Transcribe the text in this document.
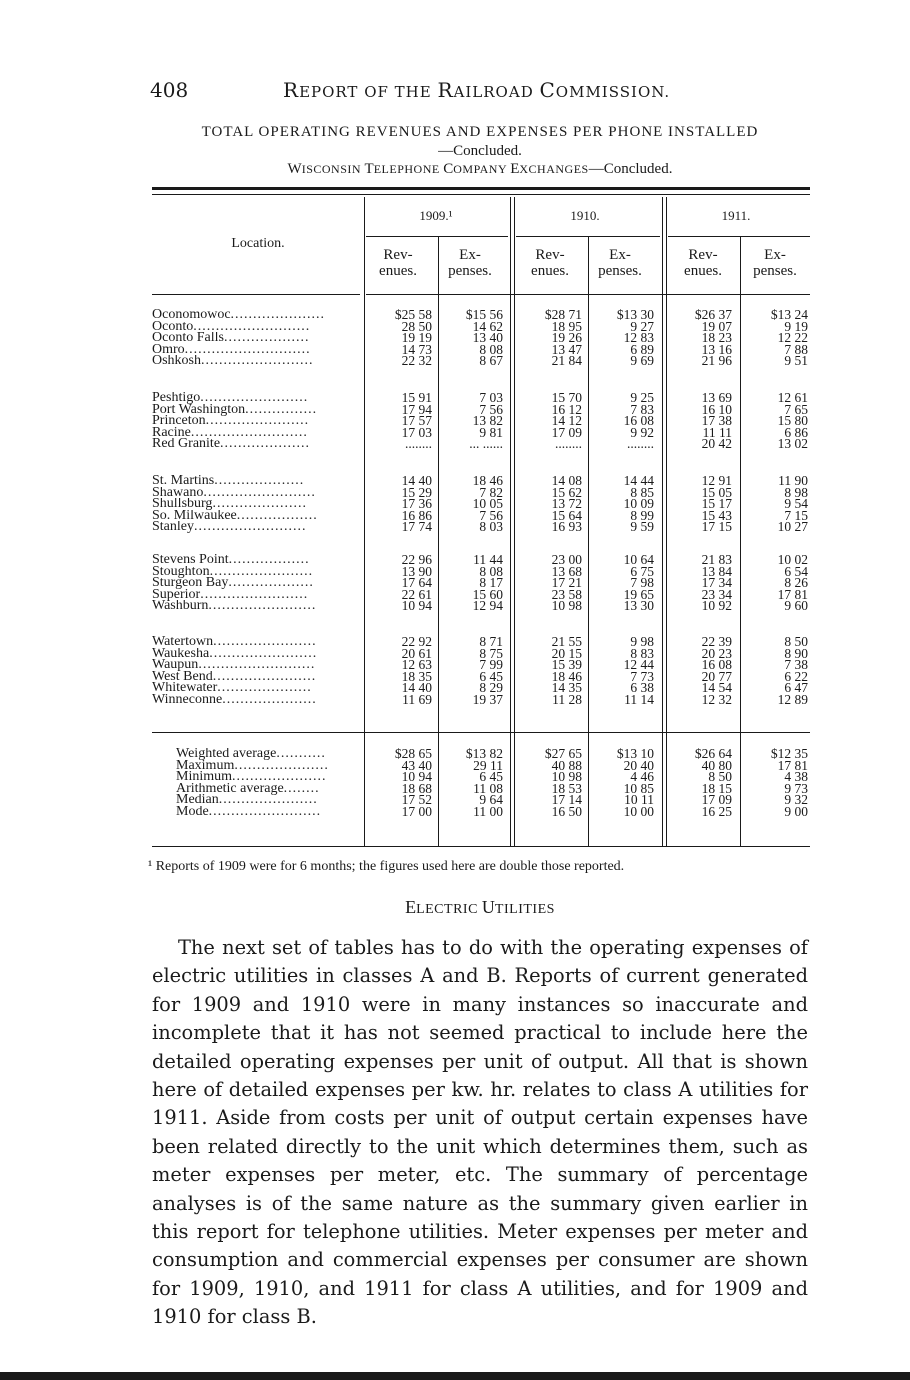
408	REPORT OF THE RAILROAD COMMISSION.
TOTAL OPERATING REVENUES AND EXPENSES PER PHONE INSTALLED
—Concluded.
WISCONSIN TELEPHONE COMPANY EXCHANGES—Concluded.
Location.
1909.¹	1910.	1911.
Rev-
enues.
Ex-
penses.
Rev-
enues.
Ex-
penses.
Rev-
enues.
Ex-
penses.
Oconomowoc.....................	$25 58	$15 56	$28 71	$13 30	$26 37	$13 24
Oconto..........................	28 50	14 62	18 95	9 27	19 07	9 19
Oconto Falls...................	19 19	13 40	19 26	12 83	18 23	12 22
Omro............................	14 73	8 08	13 47	6 89	13 16	7 88
Oshkosh.........................	22 32	8 67	21 84	9 69	21 96	9 51
Peshtigo........................	15 91	7 03	15 70	9 25	13 69	12 61
Port Washington................	17 94	7 56	16 12	7 83	16 10	7 65
Princeton.......................	17 57	13 82	14 12	16 08	17 38	15 80
Racine..........................	17 03	9 81	17 09	9 92	11 11	6 86
Red Granite....................	........	... ......	........	........	20 42	13 02
St. Martins....................	14 40	18 46	14 08	14 44	12 91	11 90
Shawano.........................	15 29	7 82	15 62	8 85	15 05	8 98
Shullsburg.....................	17 36	10 05	13 72	10 09	15 17	9 54
So. Milwaukee..................	16 86	7 56	15 64	8 99	15 43	7 15
Stanley.........................	17 74	8 03	16 93	9 59	17 15	10 27
Stevens Point..................	22 96	11 44	23 00	10 64	21 83	10 02
Stoughton.......................	13 90	8 08	13 68	6 75	13 84	6 54
Sturgeon Bay...................	17 64	8 17	17 21	7 98	17 34	8 26
Superior........................	22 61	15 60	23 58	19 65	23 34	17 81
Washburn........................	10 94	12 94	10 98	13 30	10 92	9 60
Watertown.......................	22 92	8 71	21 55	9 98	22 39	8 50
Waukesha........................	20 61	8 75	20 15	8 83	20 23	8 90
Waupun..........................	12 63	7 99	15 39	12 44	16 08	7 38
West Bend.......................	18 35	6 45	18 46	7 73	20 77	6 22
Whitewater.....................	14 40	8 29	14 35	6 38	14 54	6 47
Winneconne.....................	11 69	19 37	11 28	11 14	12 32	12 89
Weighted average...........	$28 65	$13 82	$27 65	$13 10	$26 64	$12 35
Maximum.....................	43 40	29 11	40 88	20 40	40 80	17 81
Minimum.....................	10 94	6 45	10 98	4 46	8 50	4 38
Arithmetic average........	18 68	11 08	18 53	10 85	18 15	9 73
Median......................	17 52	9 64	17 14	10 11	17 09	9 32
Mode.........................	17 00	11 00	16 50	10 00	16 25	9 00
¹ Reports of 1909 were for 6 months; the figures used here are double those reported.
ELECTRIC UTILITIES

The next set of tables has to do with the operating expenses of electric utilities in classes A and B. Reports of current generated for 1909 and 1910 were in many instances so inaccurate and incomplete that it has not seemed practical to include here the detailed operating expenses per unit of output. All that is shown here of detailed expenses per kw. hr. relates to class A utilities for 1911. Aside from costs per unit of output certain expenses have been related directly to the unit which determines them, such as meter expenses per meter, etc. The summary of percentage analyses is of the same nature as the summary given earlier in this report for telephone utilities. Meter expenses per meter and consumption and commercial expenses per consumer are shown for 1909, 1910, and 1911 for class A utilities, and for 1909 and 1910 for class B.
